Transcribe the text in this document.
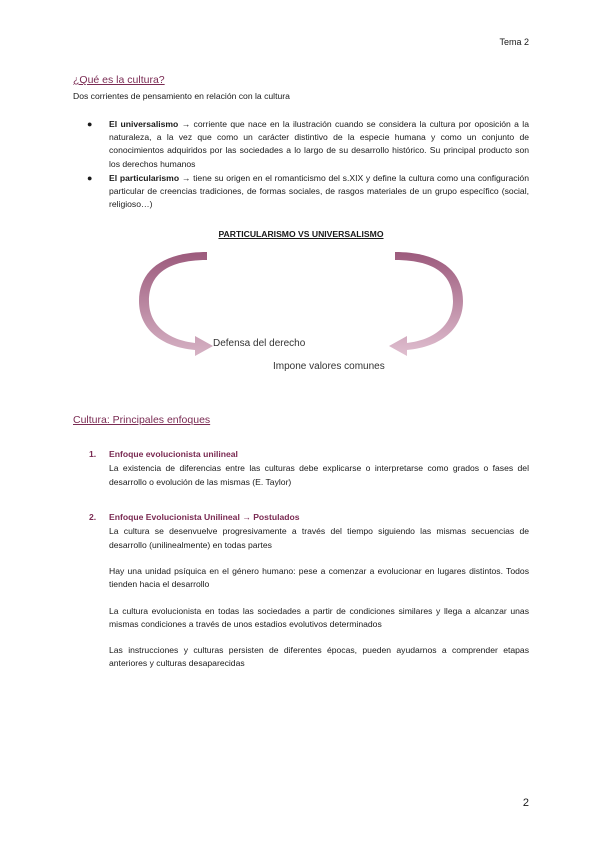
Tema 2
¿Qué es la cultura?

Dos corrientes de pensamiento en relación con la cultura

● El universalismo → corriente que nace en la ilustración cuando se considera la cultura por oposición a la naturaleza, a la vez que como un carácter distintivo de la especie humana y como un conjunto de conocimientos adquiridos por las sociedades a lo largo de su desarrollo histórico. Su principal producto son los derechos humanos
● El particularismo → tiene su origen en el romanticismo del s.XIX y define la cultura como una configuración particular de creencias tradiciones, de formas sociales, de rasgos materiales de un grupo específico (social, religioso…)
PARTICULARISMO VS UNIVERSALISMO
Defensa del derecho
Impone valores comunes
Cultura: Principales enfoques
1. Enfoque evolucionista unilineal

La existencia de diferencias entre las culturas debe explicarse o interpretarse como grados o fases del desarrollo o evolución de las mismas (E. Taylor)

2. Enfoque Evolucionista Unilineal → Postulados

La cultura se desenvuelve progresivamente a través del tiempo siguiendo las mismas secuencias de desarrollo (unilinealmente) en todas partes

Hay una unidad psíquica en el género humano: pese a comenzar a evolucionar en lugares distintos. Todos tienden hacia el desarrollo

La cultura evolucionista en todas las sociedades a partir de condiciones similares y llega a alcanzar unas mismas condiciones a través de unos estadios evolutivos determinados

Las instrucciones y culturas persisten de diferentes épocas, pueden ayudarnos a comprender etapas anteriores y culturas desaparecidas

2
